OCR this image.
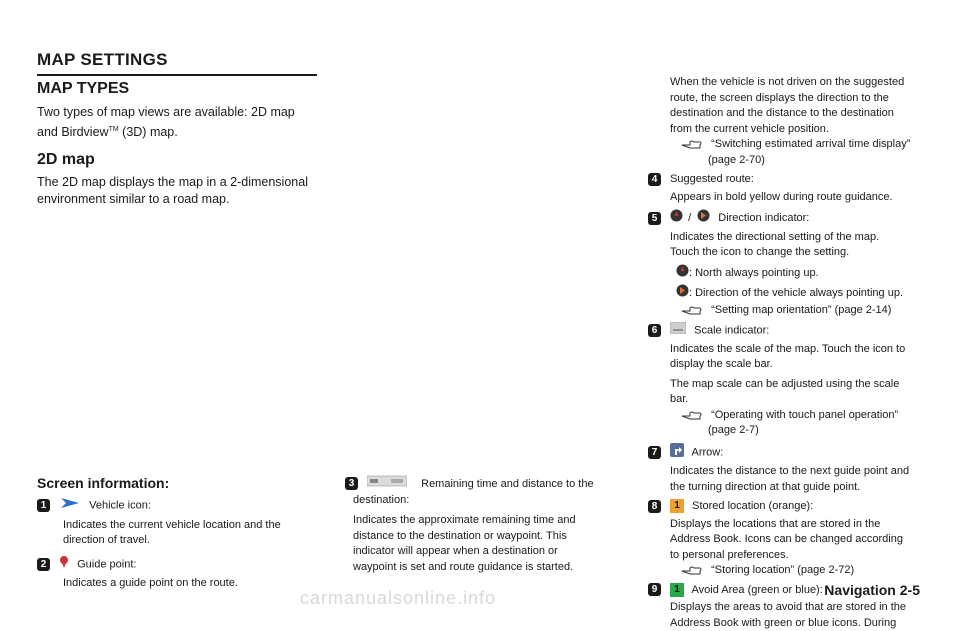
MAP SETTINGS
MAP TYPES
Two types of map views are available: 2D map
and Birdview™ (3D) map.
2D map
The 2D map displays the map in a 2-dimensional
environment similar to a road map.
Screen information:
1	Vehicle icon:
Indicates the current vehicle location and the
direction of travel.
2	Guide point:
Indicates a guide point on the route.
3	Remaining time and distance to the
destination:
Indicates the approximate remaining time and
distance to the destination or waypoint. This
indicator will appear when a destination or
waypoint is set and route guidance is started.
When the vehicle is not driven on the suggested
route, the screen displays the direction to the
destination and the distance to the destination
from the current vehicle position.
“Switching estimated arrival time display”
(page 2-70)
4 Suggested route:
Appears in bold yellow during route guidance.
5	/ Direction indicator:
Indicates the directional setting of the map.
Touch the icon to change the setting.
: North always pointing up.
: Direction of the vehicle always pointing up.
“Setting map orientation” (page 2-14)
6	Scale indicator:
Indicates the scale of the map. Touch the icon to
display the scale bar.
The map scale can be adjusted using the scale
bar.
“Operating with touch panel operation”
(page 2-7)
7	Arrow:
Indicates the distance to the next guide point and
the turning direction at that guide point.
8 1 Stored location (orange):
Displays the locations that are stored in the
Address Book. Icons can be changed according
to personal preferences.
“Storing location” (page 2-72)
9 1 Avoid Area (green or blue):
Displays the areas to avoid that are stored in the
Address Book with green or blue icons. During
carmanualsonline.info	Navigation 2-5
